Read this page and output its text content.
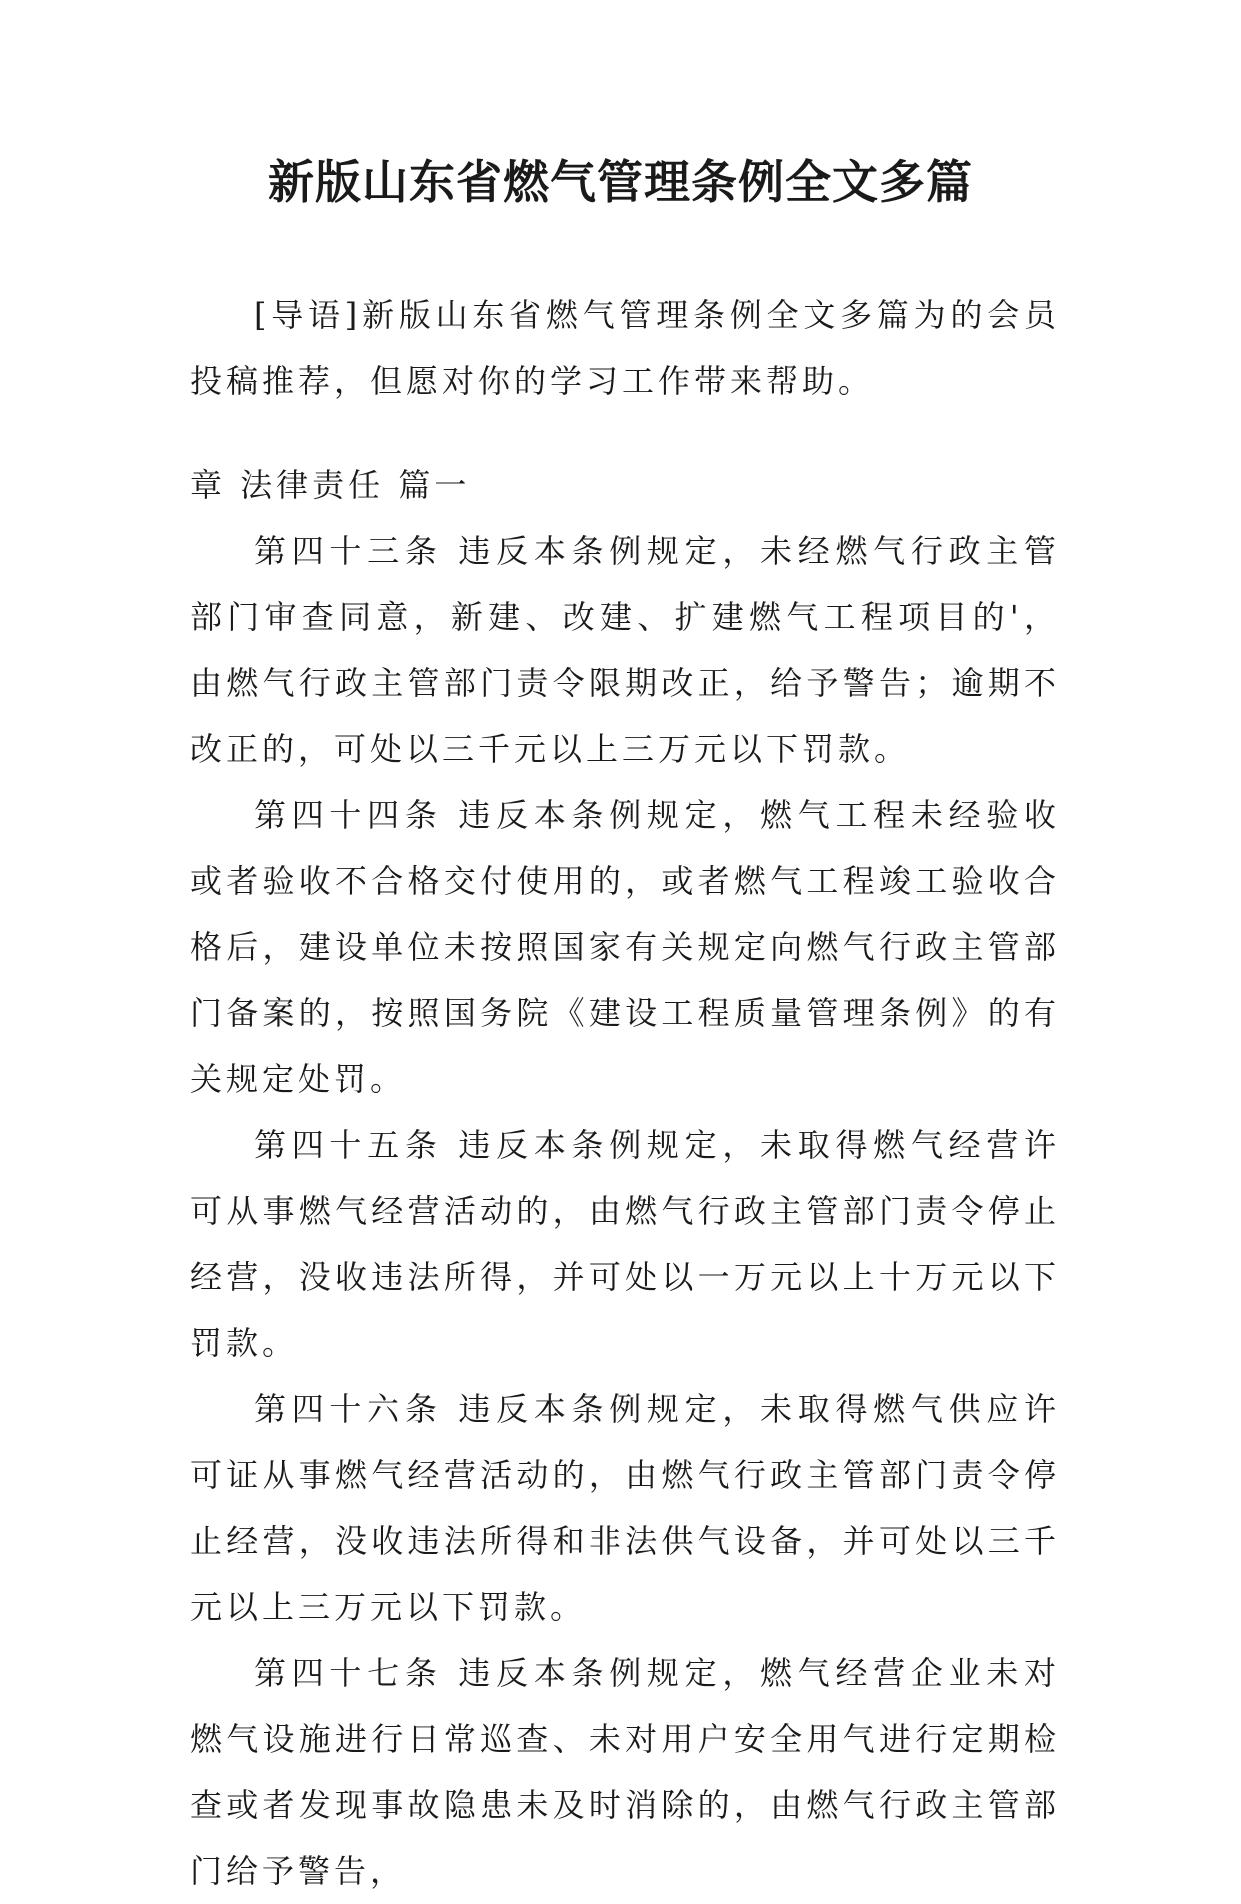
新版山东省燃气管理条例全文多篇

[导语]新版山东省燃气管理条例全文多篇为的会员投稿推荐，但愿对你的学习工作带来帮助。

章 法律责任 篇一

第四十三条 违反本条例规定，未经燃气行政主管部门审查同意，新建、改建、扩建燃气工程项目的'，由燃气行政主管部门责令限期改正，给予警告；逾期不改正的，可处以三千元以上三万元以下罚款。

第四十四条 违反本条例规定，燃气工程未经验收或者验收不合格交付使用的，或者燃气工程竣工验收合格后，建设单位未按照国家有关规定向燃气行政主管部门备案的，按照国务院《建设工程质量管理条例》的有关规定处罚。

第四十五条 违反本条例规定，未取得燃气经营许可从事燃气经营活动的，由燃气行政主管部门责令停止经营，没收违法所得，并可处以一万元以上十万元以下罚款。

第四十六条 违反本条例规定，未取得燃气供应许可证从事燃气经营活动的，由燃气行政主管部门责令停止经营，没收违法所得和非法供气设备，并可处以三千元以上三万元以下罚款。

第四十七条 违反本条例规定，燃气经营企业未对燃气设施进行日常巡查、未对用户安全用气进行定期检查或者发现事故隐患未及时消除的，由燃气行政主管部门给予警告，
